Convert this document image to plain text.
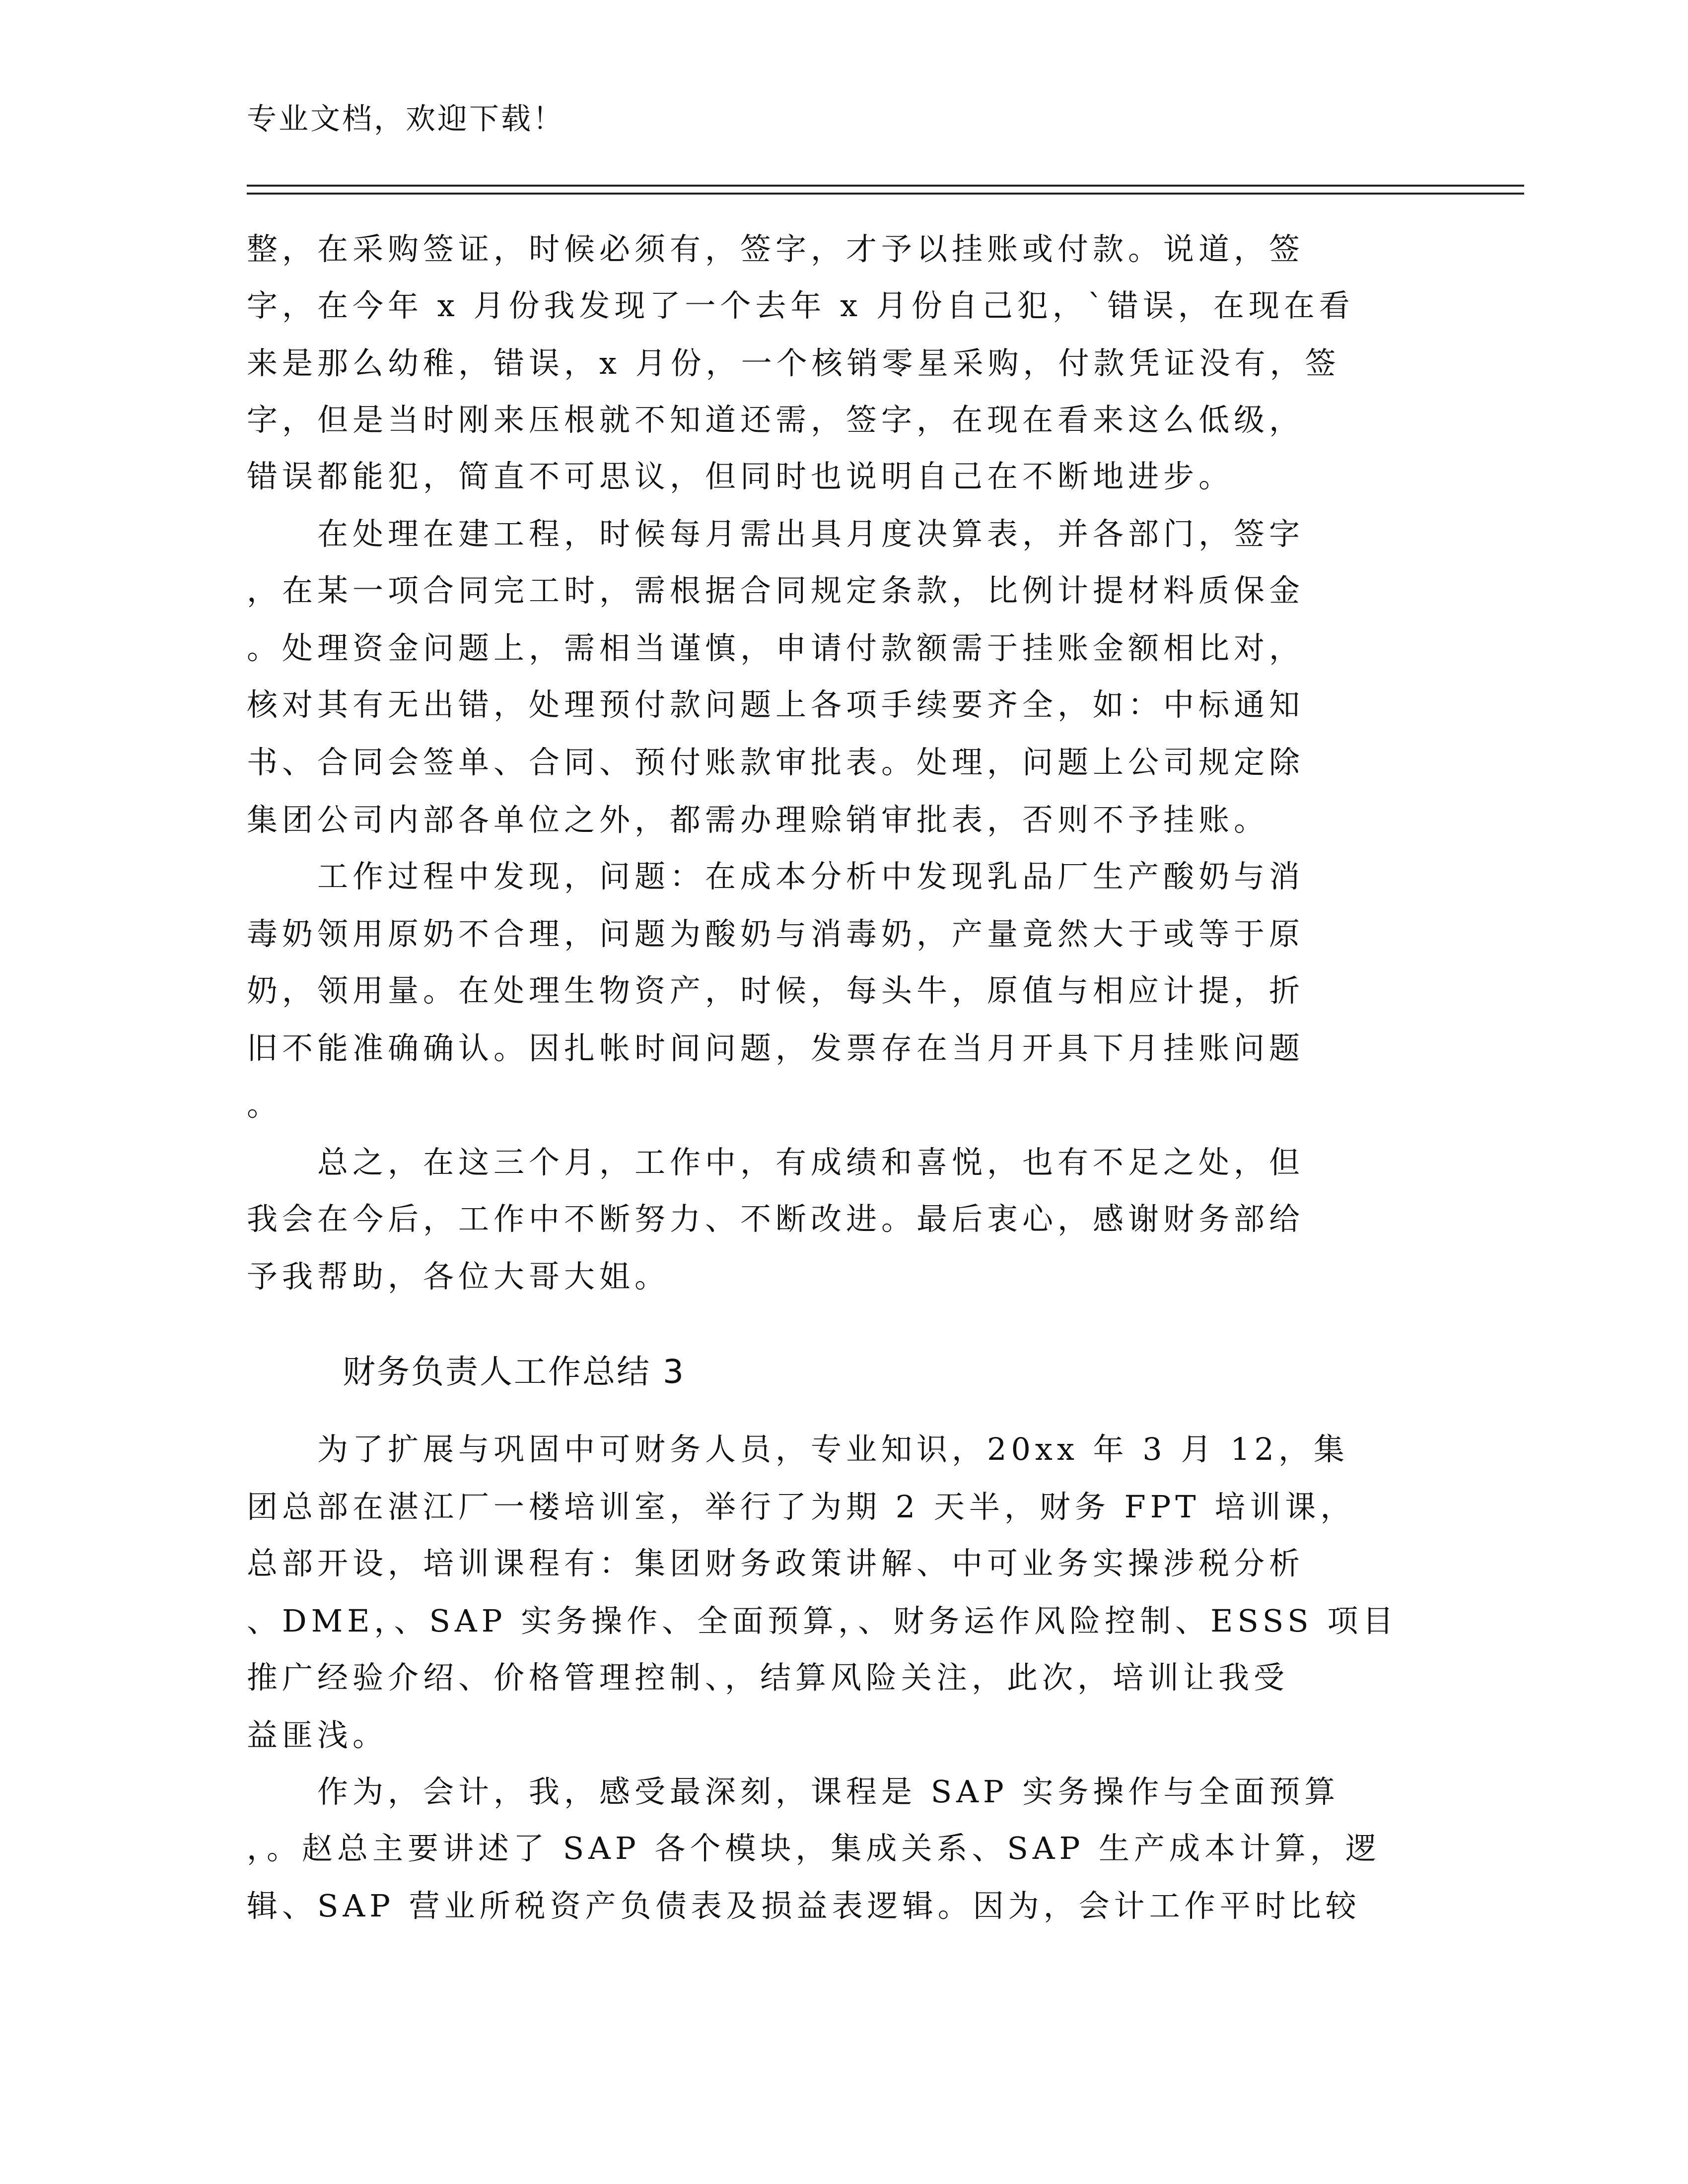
专业文档，欢迎下载！
整，在采购签证，时候必须有，签字，才予以挂账或付款。说道，签
字，在今年 x 月份我发现了一个去年 x 月份自己犯，`错误，在现在看
来是那么幼稚，错误，x 月份，一个核销零星采购，付款凭证没有，签
字，但是当时刚来压根就不知道还需，签字，在现在看来这么低级，
错误都能犯，简直不可思议，但同时也说明自己在不断地进步。
　　在处理在建工程，时候每月需出具月度决算表，并各部门，签字
，在某一项合同完工时，需根据合同规定条款，比例计提材料质保金
。处理资金问题上，需相当谨慎，申请付款额需于挂账金额相比对，
核对其有无出错，处理预付款问题上各项手续要齐全，如：中标通知
书、合同会签单、合同、预付账款审批表。处理，问题上公司规定除
集团公司内部各单位之外，都需办理赊销审批表，否则不予挂账。
　　工作过程中发现，问题：在成本分析中发现乳品厂生产酸奶与消
毒奶领用原奶不合理，问题为酸奶与消毒奶，产量竟然大于或等于原
奶，领用量。在处理生物资产，时候，每头牛，原值与相应计提，折
旧不能准确确认。因扎帐时间问题，发票存在当月开具下月挂账问题
。
　　总之，在这三个月，工作中，有成绩和喜悦，也有不足之处，但
我会在今后，工作中不断努力、不断改进。最后衷心，感谢财务部给
予我帮助，各位大哥大姐。
财务负责人工作总结 3
　　为了扩展与巩固中可财务人员，专业知识，20xx 年 3 月 12，集
团总部在湛江厂一楼培训室，举行了为期 2 天半，财务 FPT 培训课，
总部开设，培训课程有：集团财务政策讲解、中可业务实操涉税分析
、DME，、SAP 实务操作、全面预算，、财务运作风险控制、ESSS 项目
推广经验介绍、价格管理控制、，结算风险关注，此次，培训让我受
益匪浅。
　　作为，会计，我，感受最深刻，课程是 SAP 实务操作与全面预算
，。赵总主要讲述了 SAP 各个模块，集成关系、SAP 生产成本计算，逻
辑、SAP 营业所税资产负债表及损益表逻辑。因为，会计工作平时比较
